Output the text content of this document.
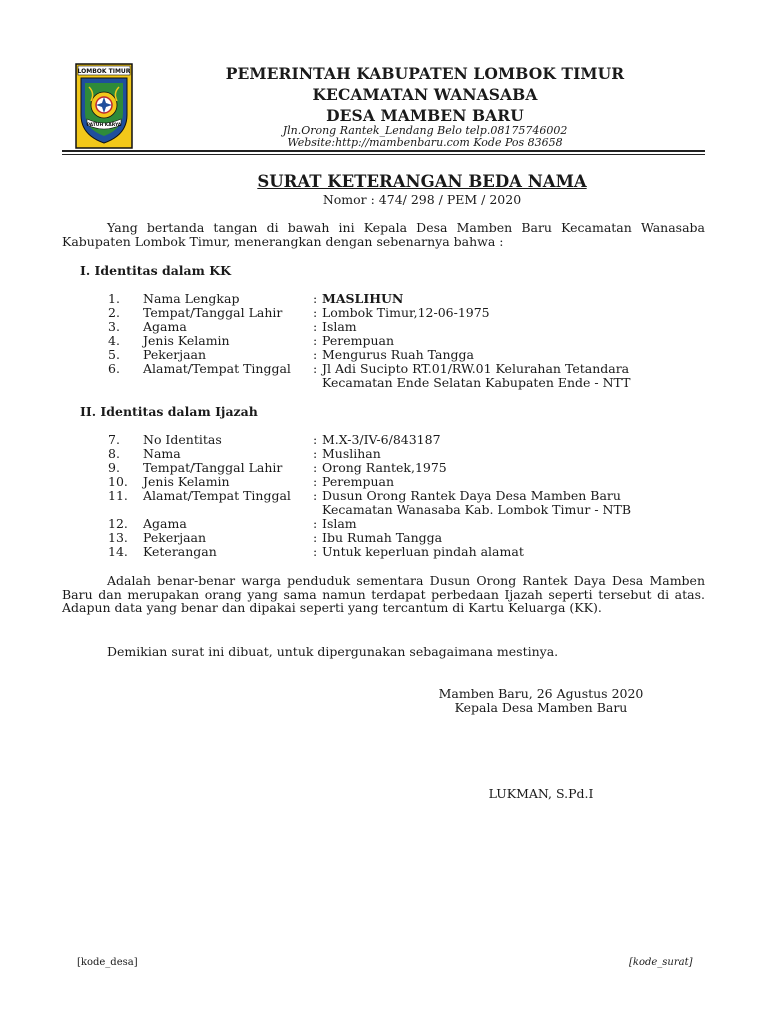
LOMBOK TIMUR
PATUH KARYA
PEMERINTAH KABUPATEN LOMBOK TIMUR
KECAMATAN WANASABA
DESA MAMBEN BARU
Jln.Orong Rantek_Lendang Belo telp.08175746002
Website:http://mambenbaru.com Kode Pos 83658
SURAT KETERANGAN BEDA NAMA
Nomor : 474/ 298 / PEM / 2020
Yang bertanda tangan di bawah ini Kepala Desa Mamben Baru Kecamatan Wanasaba Kabupaten Lombok Timur, menerangkan dengan sebenarnya bahwa :
I. Identitas dalam KK
1. Nama Lengkap	: MASLIHUN
2. Tempat/Tanggal Lahir : Lombok Timur,12-06-1975
3. Agama	: Islam
4. Jenis Kelamin	: Perempuan
5. Pekerjaan	: Mengurus Ruah Tangga
6. Alamat/Tempat Tinggal : Jl Adi Sucipto RT.01/RW.01 Kelurahan Tetandara
Kecamatan Ende Selatan Kabupaten Ende - NTT
II. Identitas dalam Ijazah
7. No Identitas	: M.X-3/IV-6/843187
8. Nama	: Muslihan
9. Tempat/Tanggal Lahir : Orong Rantek,1975
10. Jenis Kelamin	: Perempuan
11. Alamat/Tempat Tinggal : Dusun Orong Rantek Daya Desa Mamben Baru
Kecamatan Wanasaba Kab. Lombok Timur - NTB
12. Agama	: Islam
13. Pekerjaan	: Ibu Rumah Tangga
14. Keterangan	: Untuk keperluan pindah alamat
Adalah benar-benar warga penduduk sementara Dusun Orong Rantek Daya Desa Mamben Baru dan merupakan orang yang sama namun terdapat perbedaan Ijazah seperti tersebut di atas. Adapun data yang benar dan dipakai seperti yang tercantum di Kartu Keluarga (KK).
Demikian surat ini dibuat, untuk dipergunakan sebagaimana mestinya.
Mamben Baru, 26 Agustus 2020
Kepala Desa Mamben Baru
LUKMAN, S.Pd.I
[kode_desa]	[kode_surat]
